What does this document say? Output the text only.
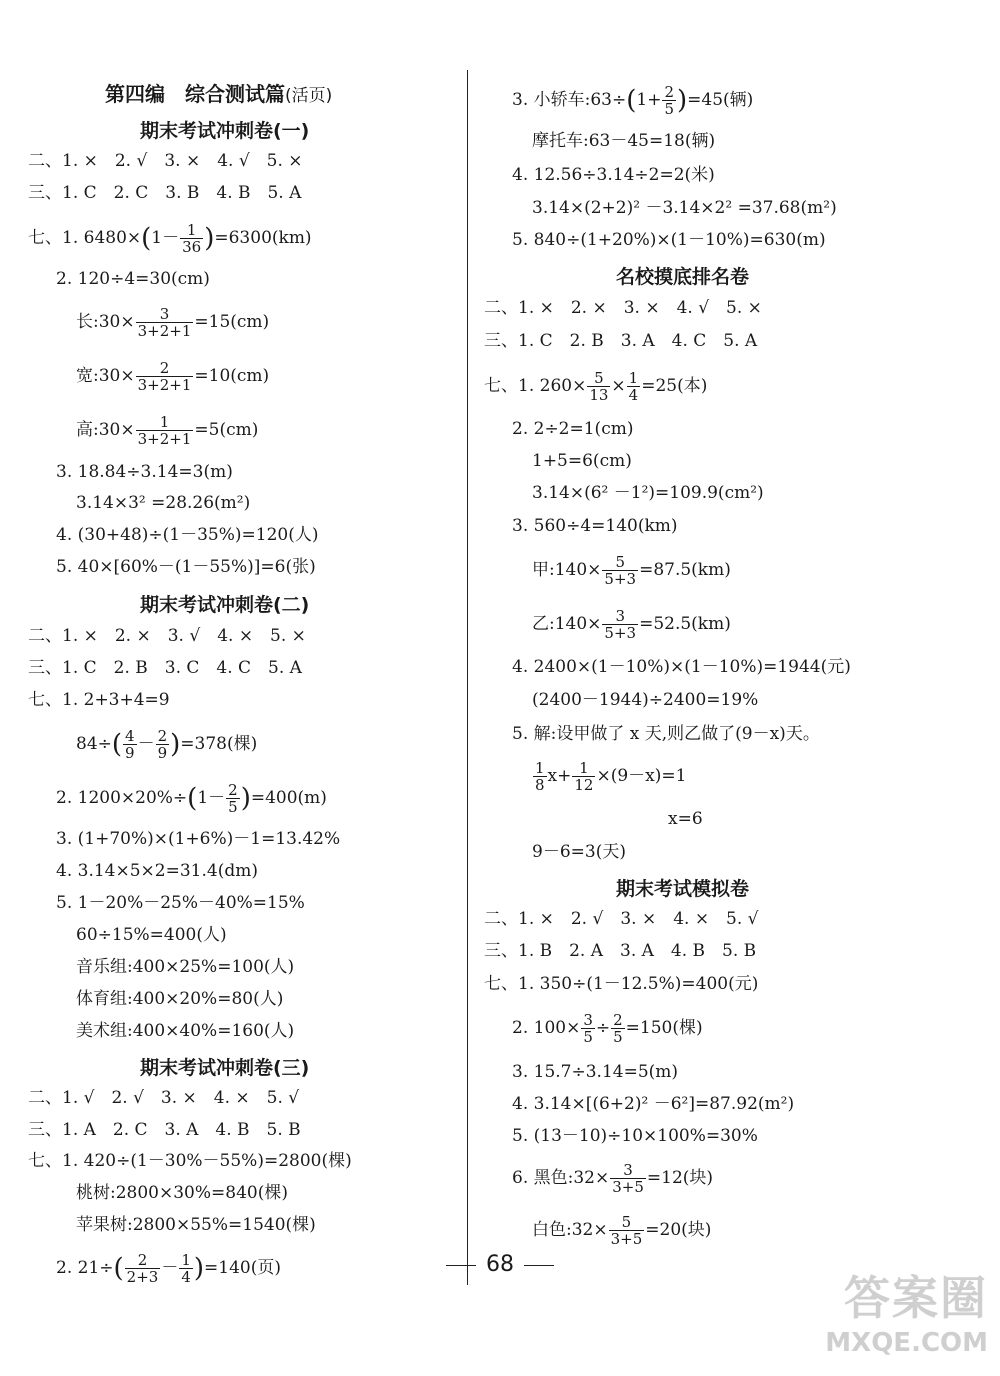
第四编　综合测试篇(活页)
期末考试冲刺卷(一)
二、1. ×　2. √　3. ×　4. √　5. ×
三、1. C　2. C　3. B　4. B　5. A
七、1. $6480\times(1- \frac{1}{36} )=6300(km)$
2. 120÷4=30(cm)
长:30× $\frac{3}{3+2+1} =15(cm)$
宽:30× $\frac{2}{3+2+1} =10(cm)$
高:30× $\frac{1}{3+2+1} =5(cm)$
3. 18.84÷3.14=3(m)
3.14×3² =28.26(m²)
4. (30+48)÷(1－35%)=120(人)
5. 40×[60%－(1－55%)]=6(张)
期末考试冲刺卷(二)
二、1. ×　2. ×　3. √　4. ×　5. ×
三、1. C　2. B　3. C　4. C　5. A
七、1. 2+3+4=9
$84\div( \frac{4}{9} - \frac{2}{9} )=378$(棵)
2. $1200\times 20\%\div(1- \frac{2}{5} )=400(m)$
3. (1+70%)×(1+6%)－1=13.42%
4. 3.14×5×2=31.4(dm)
5. 1－20%－25%－40%=15%
60÷15%=400(人)
音乐组:400×25%=100(人)
体育组:400×20%=80(人)
美术组:400×40%=160(人)
期末考试冲刺卷(三)
二、1. √　2. √　3. ×　4. ×　5. √
三、1. A　2. C　3. A　4. B　5. B
七、1. 420÷(1－30%－55%)=2800(棵)
桃树:2800×30%=840(棵)
苹果树:2800×55%=1540(棵)
2. $21\div( \frac{2}{2+3} - \frac{1}{4} )=140$(页)
3. 小轿车:63÷(1+ $\frac{2}{5} )=45$(辆)
摩托车:63－45=18(辆)
4. 12.56÷3.14÷2=2(米)
3.14×(2+2)² －3.14×2² =37.68(m²)
5. 840÷(1+20%)×(1－10%)=630(m)
名校摸底排名卷
二、1. ×　2. ×　3. ×　4. √　5. ×
三、1. C　2. B　3. A　4. C　5. A
七、1. $260\times \frac{5}{13} \times \frac{1}{4} =25$(本)
2. 2÷2=1(cm)
1+5=6(cm)
3.14×(6² －1²)=109.9(cm²)
3. 560÷4=140(km)
甲:140× $\frac{5}{5+3} =87.5(km)$
乙:140× $\frac{3}{5+3} =52.5(km)$
4. 2400×(1－10%)×(1－10%)=1944(元)
(2400－1944)÷2400=19%
5. 解:设甲做了 x 天,则乙做了(9－x)天。
$\frac{1}{8} x+ \frac{1}{12} \times(9-x)=1$
x=6
9－6=3(天)
期末考试模拟卷
二、1. ×　2. √　3. ×　4. ×　5. √
三、1. B　2. A　3. A　4. B　5. B
七、1. 350÷(1－12.5%)=400(元)
2. $100\times \frac{3}{5} \div \frac{2}{5} =150$(棵)
3. 15.7÷3.14=5(m)
4. 3.14×[(6+2)² －6²]=87.92(m²)
5. (13－10)÷10×100%=30%
6. 黑色:32× $\frac{3}{3+5} =12$(块)
白色:32× $\frac{5}{3+5} =20$(块)
68
答案圈
MXQE.COM
